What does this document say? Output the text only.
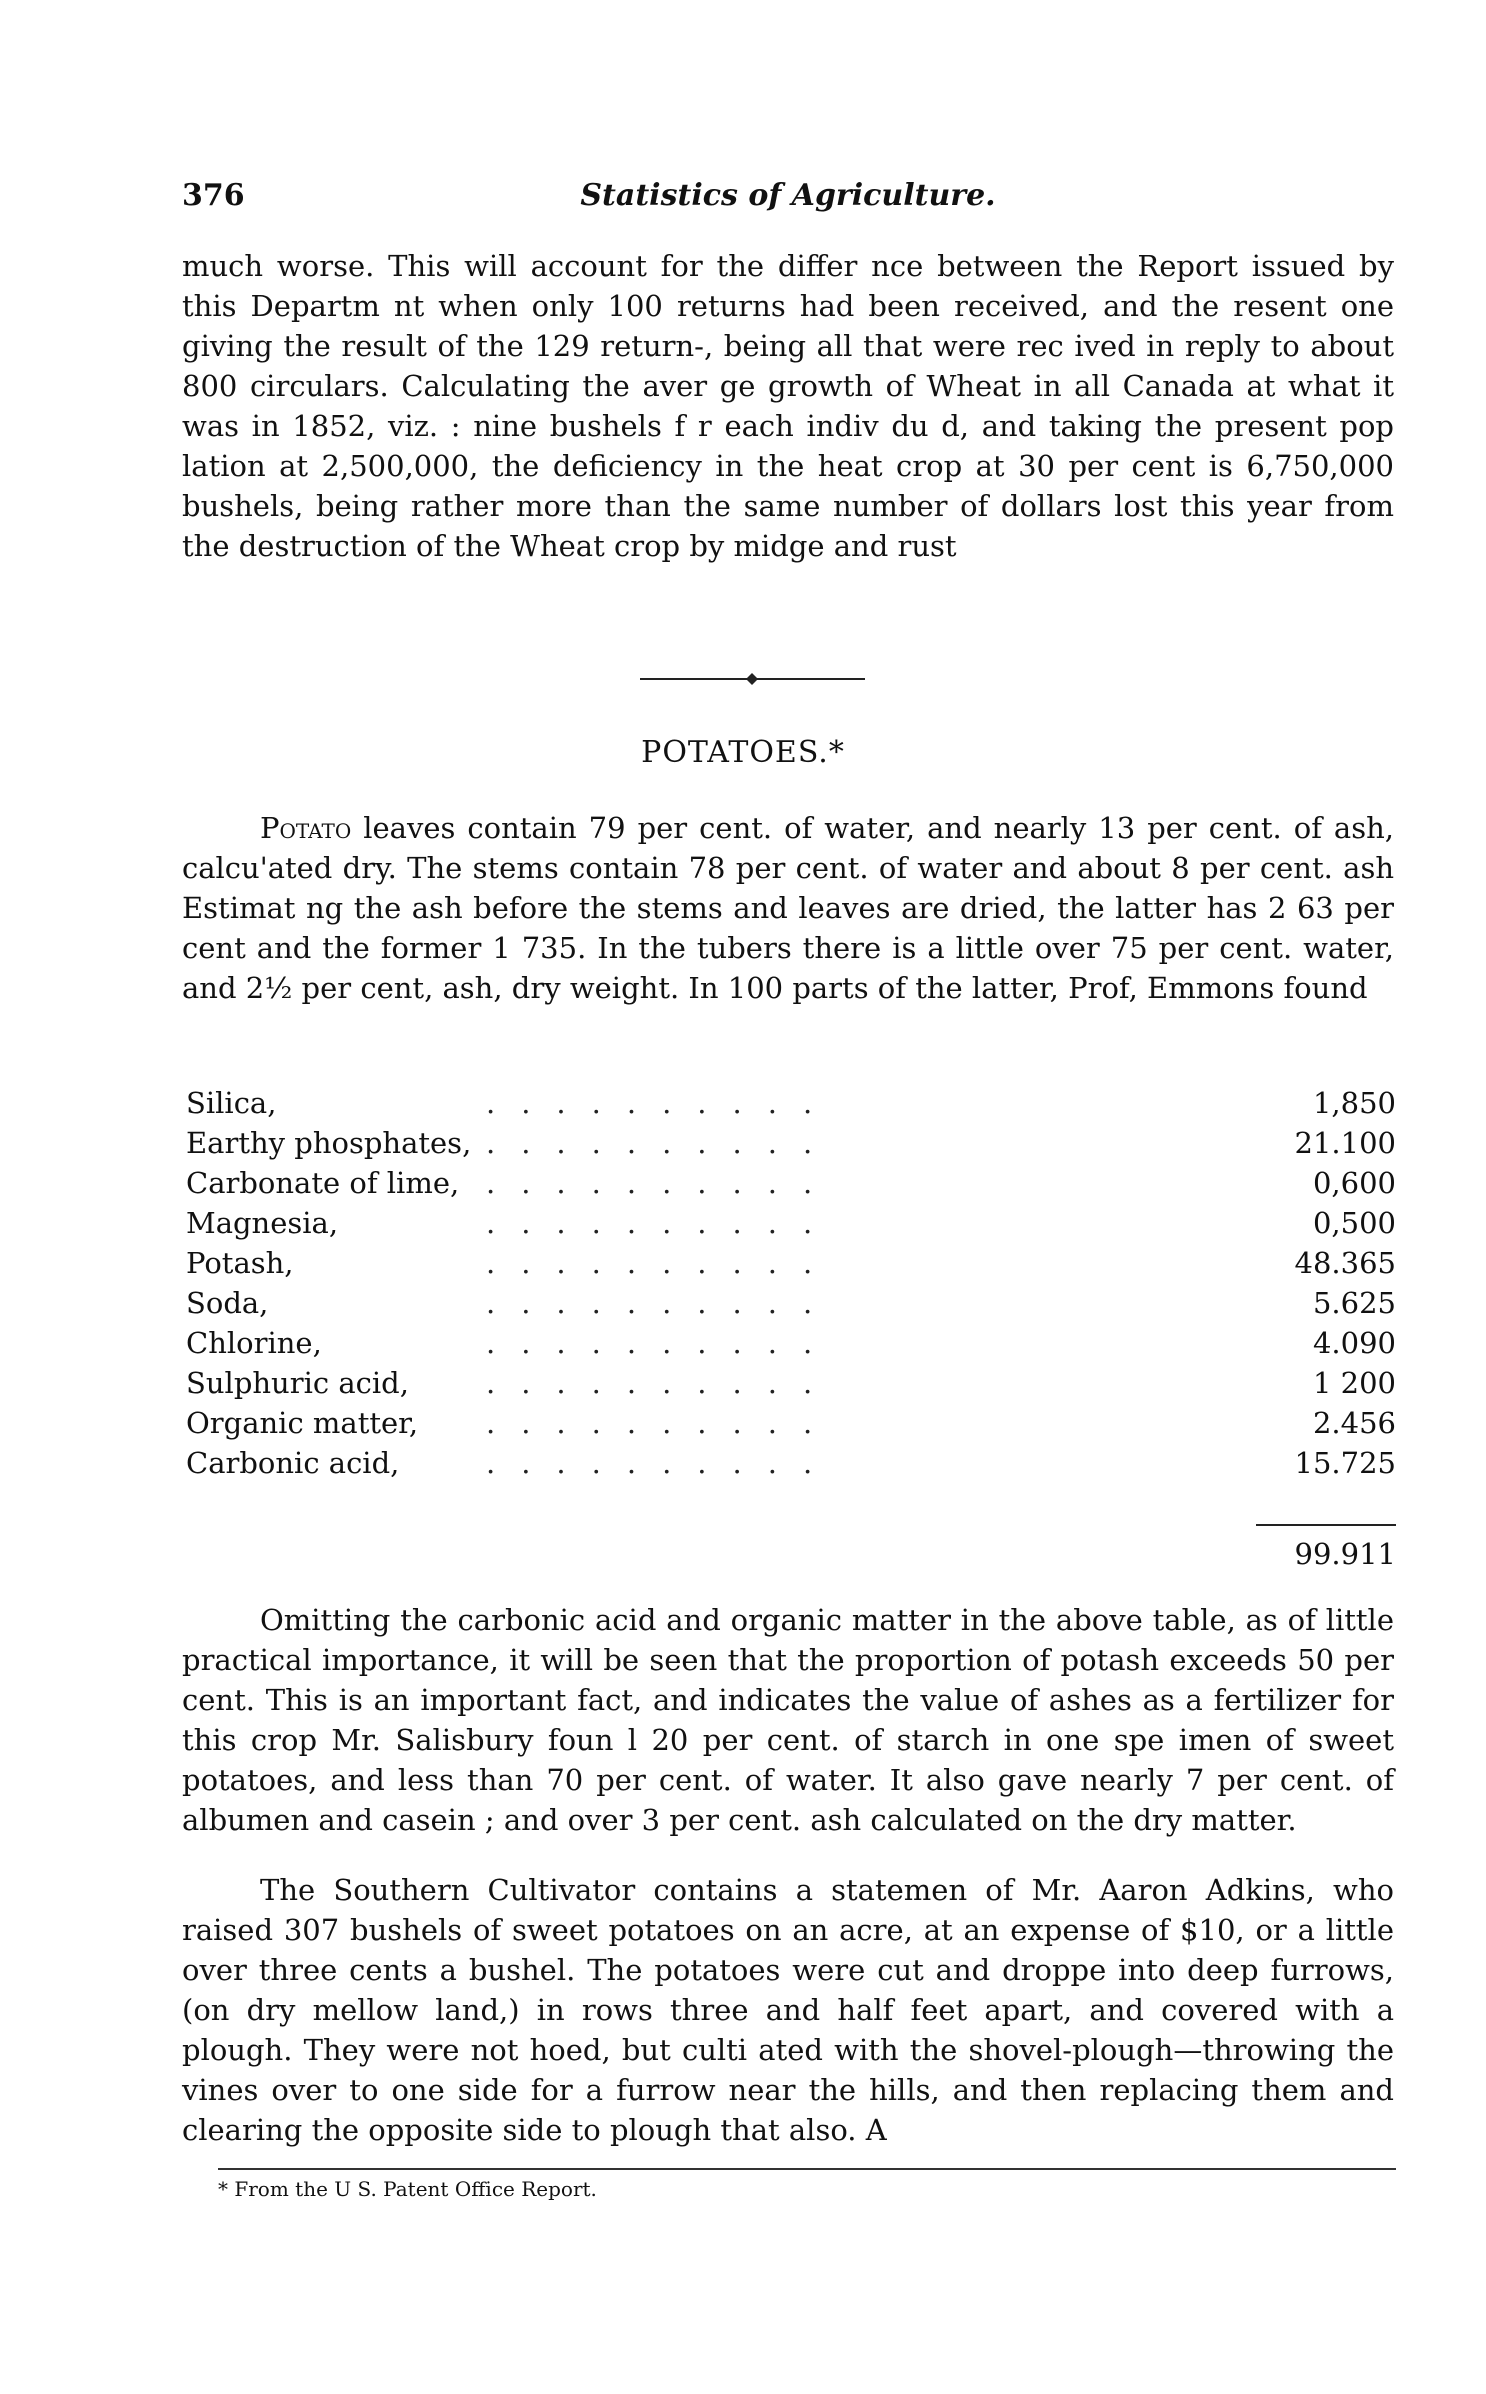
376	Statistics of Agriculture.

much worse. This will account for the differ nce between the Report issued by this Departm nt when only 100 returns had been received, and the resent one giving the result of the 129 return-, being all that were rec ived in reply to about 800 circulars. Calculating the aver ge growth of Wheat in all Canada at what it was in 1852, viz. : nine bushels f r each indiv du d, and taking the present pop lation at 2,500,000, the deficiency in the heat crop at 30 per cent is 6,750,000 bushels, being rather more than the same number of dollars lost this year from the destruction of the Wheat crop by midge and rust

POTATOES.*

Potato leaves contain 79 per cent. of water, and nearly 13 per cent. of ash, calcu'ated dry. The stems contain 78 per cent. of water and about 8 per cent. ash Estimat ng the ash before the stems and leaves are dried, the latter has 2 63 per cent and the former 1 735. In the tubers there is a little over 75 per cent. water, and 2½ per cent, ash, dry weight. In 100 parts of the latter, Prof, Emmons found

..........
Silica,	1,850
..........
Earthy phosphates,	21.100
..........
Carbonate of lime,	0,600
..........
Magnesia,	0,500
..........
Potash,	48.365
..........
Soda,	5.625
..........
Chlorine,	4.090
..........
Sulphuric acid,	1 200
..........
Organic matter,	2.456
..........
Carbonic acid,	15.725
99.911

Omitting the carbonic acid and organic matter in the above table, as of little practical importance, it will be seen that the proportion of potash exceeds 50 per cent. This is an important fact, and indicates the value of ashes as a fertilizer for this crop Mr. Salisbury foun l 20 per cent. of starch in one spe imen of sweet potatoes, and less than 70 per cent. of water. It also gave nearly 7 per cent. of albumen and casein ; and over 3 per cent. ash calculated on the dry matter.

* From the U S. Patent Office Report.

The Southern Cultivator contains a statemen of Mr. Aaron Adkins, who raised 307 bushels of sweet potatoes on an acre, at an expense of $10, or a little over three cents a bushel. The potatoes were cut and droppe into deep furrows, (on dry mellow land,) in rows three and half feet apart, and covered with a plough. They were not hoed, but culti ated with the shovel-plough—throwing the vines over to one side for a furrow near the hills, and then replacing them and clearing the opposite side to plough that also. A
